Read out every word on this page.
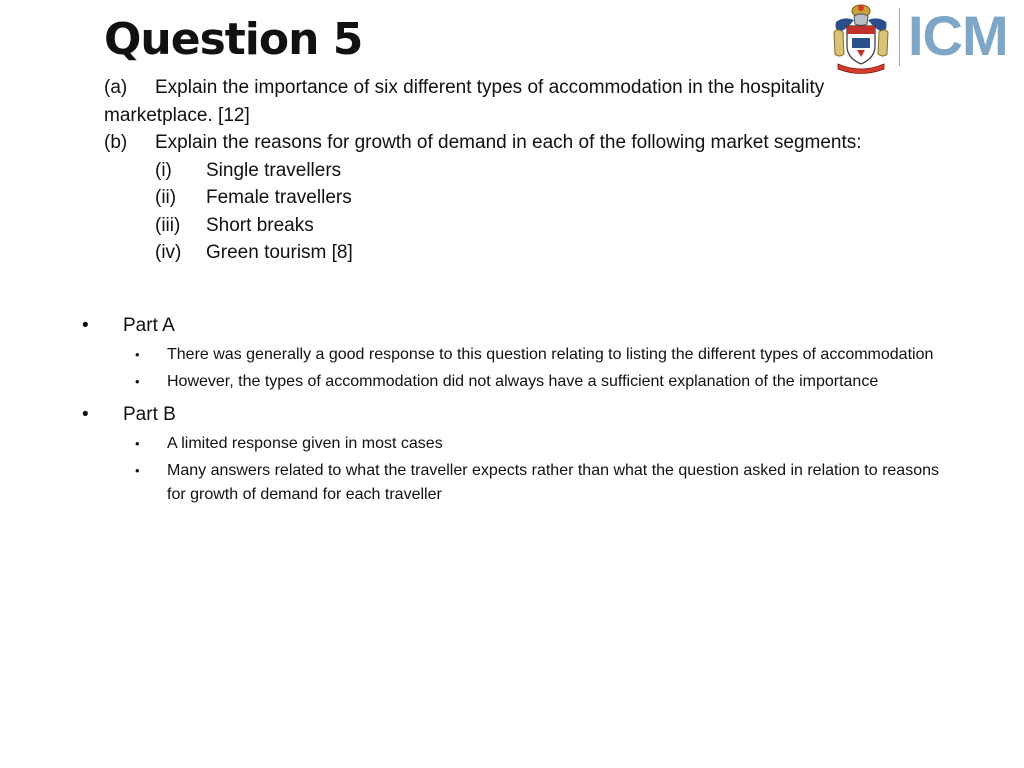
Question 5	ICM
(a)	Explain the importance of six different types of accommodation in the hospitality
marketplace. [12]
(b)	Explain the reasons for growth of demand in each of the following market segments:
(i)	Single travellers
(ii)	Female travellers
(iii)	Short breaks
(iv)	Green tourism [8]
•	Part A
•	There was generally a good response to this question relating to listing the different types of accommodation
•	However, the types of accommodation did not always have a sufficient explanation of the importance
•	Part B
•	A limited response given in most cases
•	Many answers related to what the traveller expects rather than what the question asked in relation to reasons for growth of demand for each traveller
